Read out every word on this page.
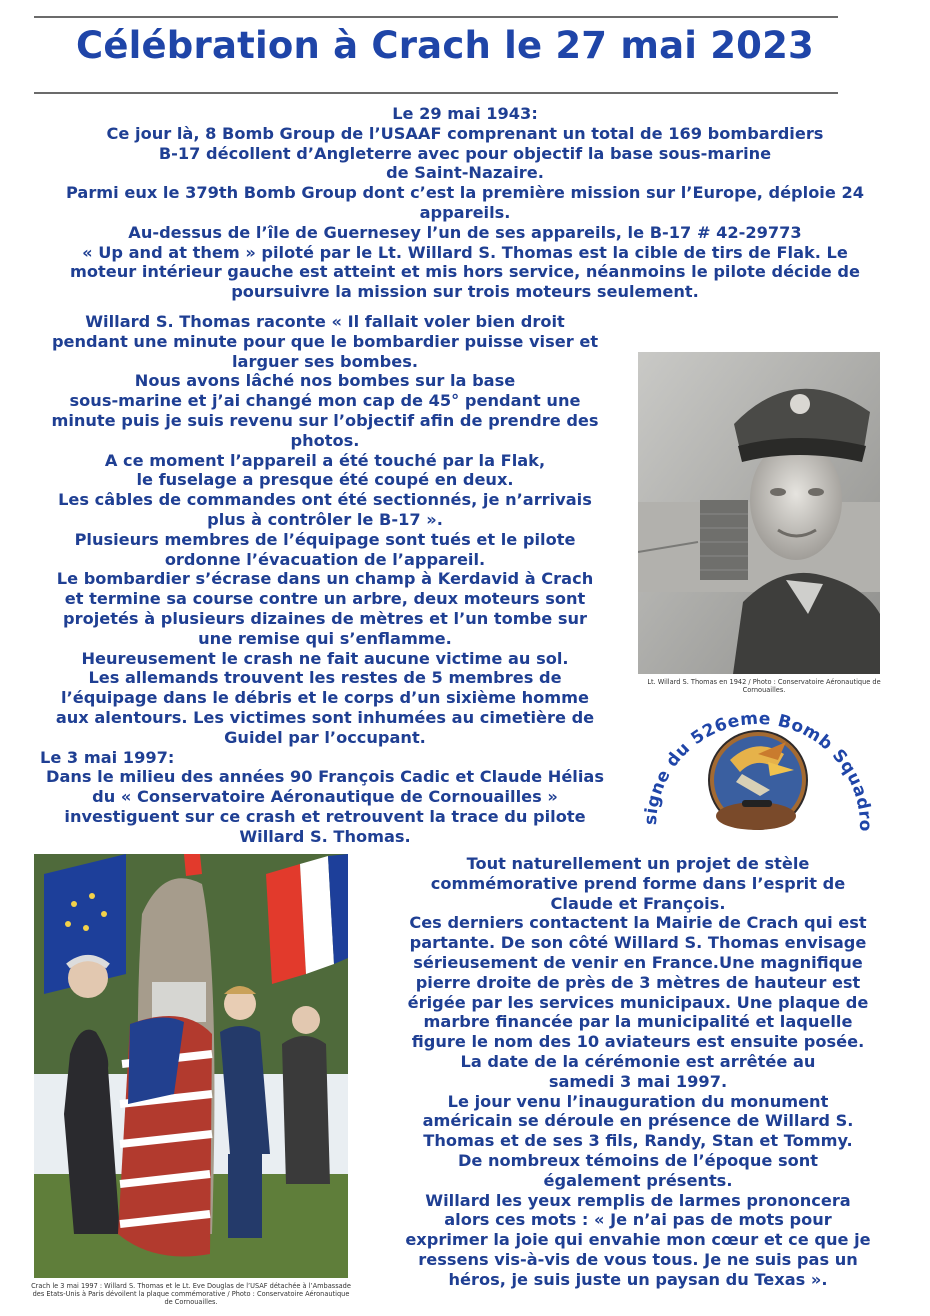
Célébration à Crach le 27 mai 2023
Le 29 mai 1943:
Ce jour là, 8 Bomb Group de l’USAAF comprenant un total de 169 bombardiers
B-17 décollent d’Angleterre avec pour objectif la base sous-marine
de Saint-Nazaire.
Parmi eux le 379th Bomb Group dont c’est la première mission sur l’Europe, déploie 24
appareils.
Au-dessus de l’île de Guernesey l’un de ses appareils, le B-17 # 42-29773
« Up and at them » piloté par le Lt. Willard S. Thomas est la cible de tirs de Flak. Le
moteur intérieur gauche est atteint et mis hors service, néanmoins le pilote décide de
poursuivre la mission sur trois moteurs seulement.
Willard S. Thomas raconte « Il fallait voler bien droit
pendant une minute pour que le bombardier puisse viser et
larguer ses bombes.
Nous avons lâché nos bombes sur la base
sous-marine et j’ai changé mon cap de 45° pendant une
minute puis je suis revenu sur l’objectif afin de prendre des
photos.
A ce moment l’appareil a été touché par la Flak,
le fuselage a presque été coupé en deux.
Les câbles de commandes ont été sectionnés, je n’arrivais
plus à contrôler le B-17 ».
Plusieurs membres de l’équipage sont tués et le pilote
ordonne l’évacuation de l’appareil.
Le bombardier s’écrase dans un champ à Kerdavid à Crach
et termine sa course contre un arbre, deux moteurs sont
projetés à plusieurs dizaines de mètres et l’un tombe sur
une remise qui s’enflamme.
Heureusement le crash ne fait aucune victime au sol.
Les allemands trouvent les restes de 5 membres de
l’équipage dans le débris et le corps d’un sixième homme
aux alentours. Les victimes sont inhumées au cimetière de
Guidel par l’occupant.
Le 3 mai 1997:
Dans le milieu des années 90 François Cadic et Claude Hélias
du « Conservatoire Aéronautique de Cornouailles »
investiguent sur ce crash et retrouvent la trace du pilote
Willard S. Thomas.
Lt. Willard S. Thomas en 1942 / Photo : Conservatoire Aéronautique de
Cornouailles.
signe du 526eme Bomb Squadro
Crach le 3 mai 1997 : Willard S. Thomas et le Lt. Eve Douglas de l’USAF détachée à l’Ambassade
des Etats-Unis à Paris dévoilent la plaque commémorative / Photo : Conservatoire Aéronautique
de Cornouailles.
Tout naturellement un projet de stèle
commémorative prend forme dans l’esprit de
Claude et François.
Ces derniers contactent la Mairie de Crach qui est
partante. De son côté Willard S. Thomas envisage
sérieusement de venir en France.Une magnifique
pierre droite de près de 3 mètres de hauteur est
érigée par les services municipaux. Une plaque de
marbre financée par la municipalité et laquelle
figure le nom des 10 aviateurs est ensuite posée.
La date de la cérémonie est arrêtée au
samedi 3 mai 1997.
Le jour venu l’inauguration du monument
américain se déroule en présence de Willard S.
Thomas et de ses 3 fils, Randy, Stan et Tommy.
De nombreux témoins de l’époque sont
également présents.
Willard les yeux remplis de larmes prononcera
alors ces mots : « Je n’ai pas de mots pour
exprimer la joie qui envahie mon cœur et ce que je
ressens vis-à-vis de vous tous. Je ne suis pas un
héros, je suis juste un paysan du Texas ».
